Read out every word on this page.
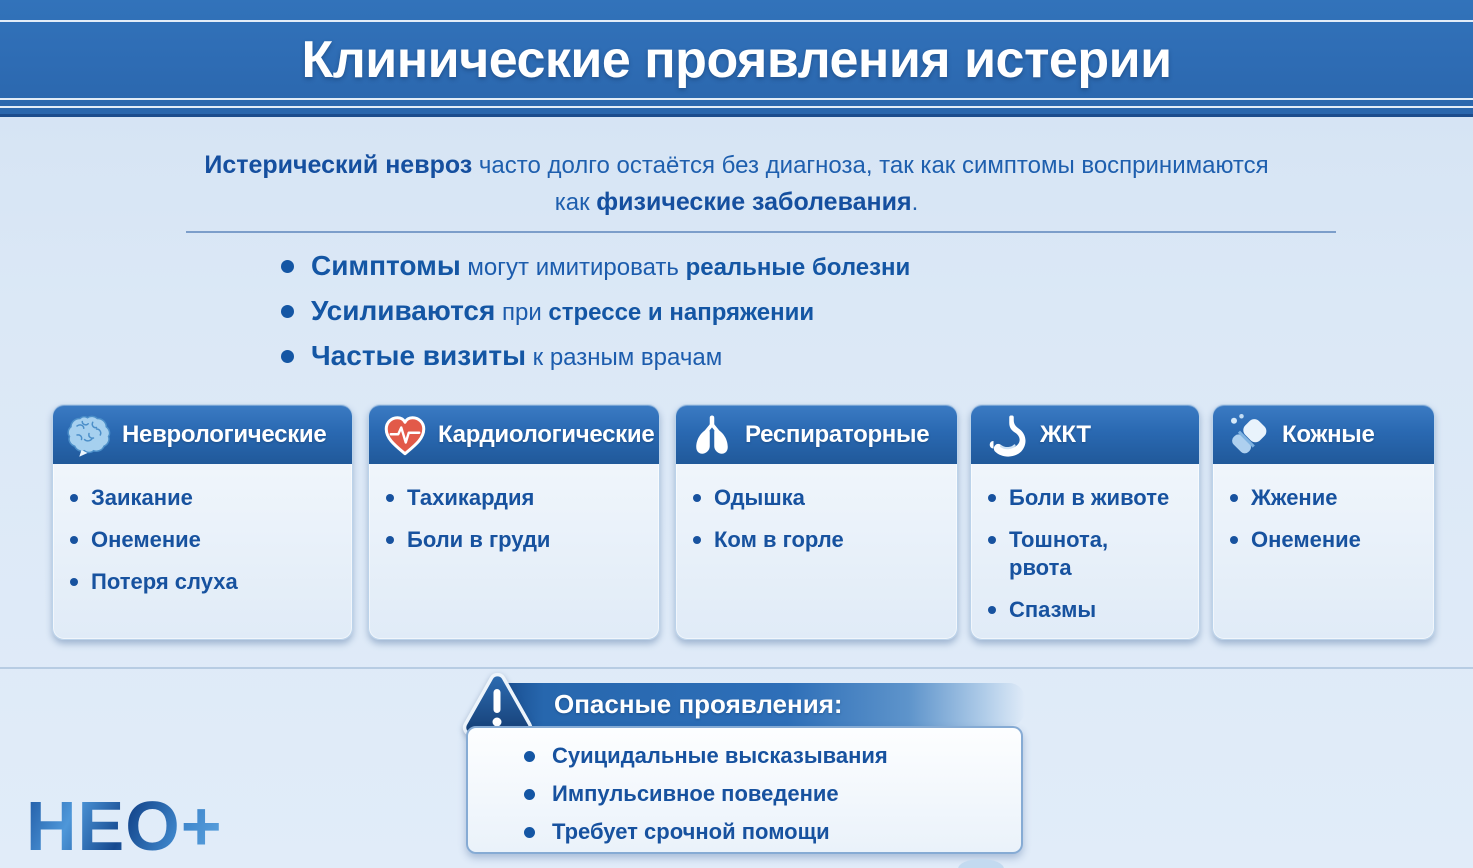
Клинические проявления истерии

Истерический невроз часто долго остаётся без диагноза, так как симптомы воспринимаются
как физические заболевания.

Симптомы могут имитировать реальные болезни

Усиливаются при стрессе и напряжении

Частые визиты к разным врачам

Неврологические
Заикание
Онемение
Потеря слуха
Кардиологические
Тахикардия
Боли в груди
Респираторные
Одышка
Ком в горле
ЖКТ
Боли в животе
Тошнота, рвота
Спазмы
Кожные
Жжение
Онемение
Опасные проявления:
Суицидальные высказывания
Импульсивное поведение
Требует срочной помощи
НЕО+
